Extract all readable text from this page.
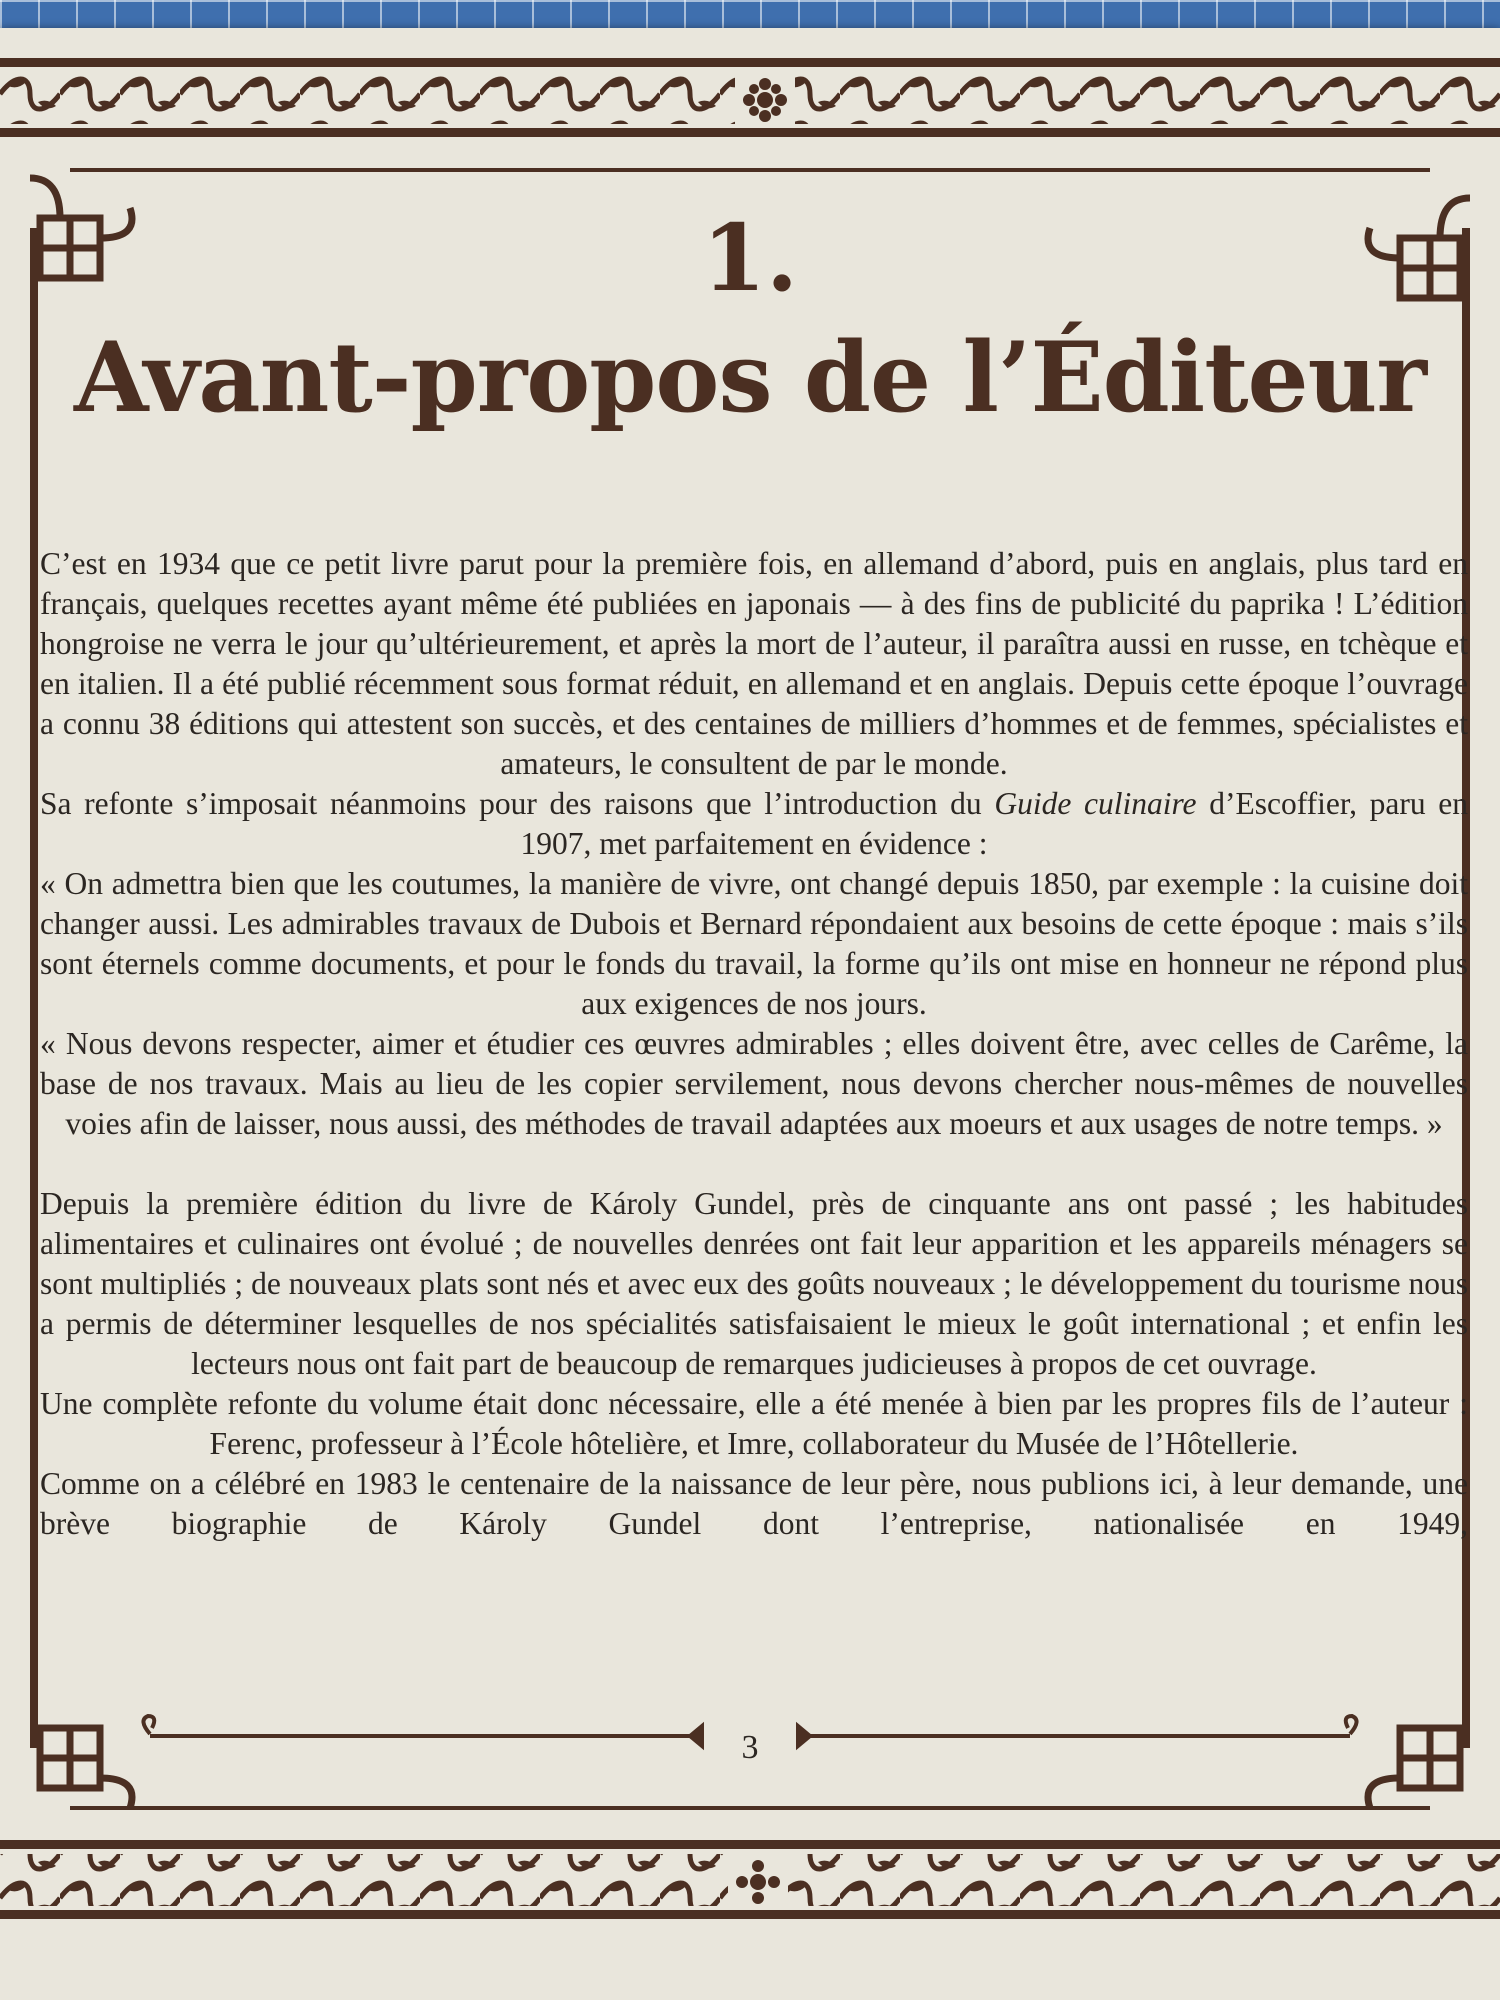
1.
Avant-propos de l’Éditeur

C’est en 1934 que ce petit livre parut pour la première fois, en allemand d’abord, puis en anglais, plus tard en français, quelques recettes ayant même été publiées en japonais — à des fins de publicité du paprika ! L’édition hongroise ne verra le jour qu’ultérieurement, et après la mort de l’auteur, il paraîtra aussi en russe, en tchèque et en italien. Il a été publié récemment sous format réduit, en allemand et en anglais. Depuis cette époque l’ouvrage a connu 38 éditions qui attestent son succès, et des centaines de milliers d’hommes et de femmes, spécialistes et amateurs, le consultent de par le monde.

Sa refonte s’imposait néanmoins pour des raisons que l’introduction du Guide culinaire d’Escoffier, paru en 1907, met parfaitement en évidence :

« On admettra bien que les coutumes, la manière de vivre, ont changé depuis 1850, par exemple : la cuisine doit changer aussi. Les admirables travaux de Dubois et Bernard répondaient aux besoins de cette époque : mais s’ils sont éternels comme documents, et pour le fonds du travail, la forme qu’ils ont mise en honneur ne répond plus aux exigences de nos jours.

« Nous devons respecter, aimer et étudier ces œuvres admirables ; elles doivent être, avec celles de Carême, la base de nos travaux. Mais au lieu de les copier servilement, nous devons chercher nous-mêmes de nouvelles voies afin de laisser, nous aussi, des méthodes de travail adaptées aux moeurs et aux usages de notre temps. »

Depuis la première édition du livre de Károly Gundel, près de cinquante ans ont passé ; les habitudes alimentaires et culinaires ont évolué ; de nouvelles denrées ont fait leur apparition et les appareils ménagers se sont multipliés ; de nouveaux plats sont nés et avec eux des goûts nouveaux ; le développement du tourisme nous a permis de déterminer lesquelles de nos spécialités satisfaisaient le mieux le goût international ; et enfin les lecteurs nous ont fait part de beaucoup de remarques judicieuses à propos de cet ouvrage.

Une complète refonte du volume était donc nécessaire, elle a été menée à bien par les propres fils de l’auteur : Ferenc, professeur à l’École hôtelière, et Imre, collaborateur du Musée de l’Hôtellerie.

Comme on a célébré en 1983 le centenaire de la naissance de leur père, nous publions ici, à leur demande, une brève biographie de Károly Gundel dont l’entreprise, nationalisée en 1949,

3
